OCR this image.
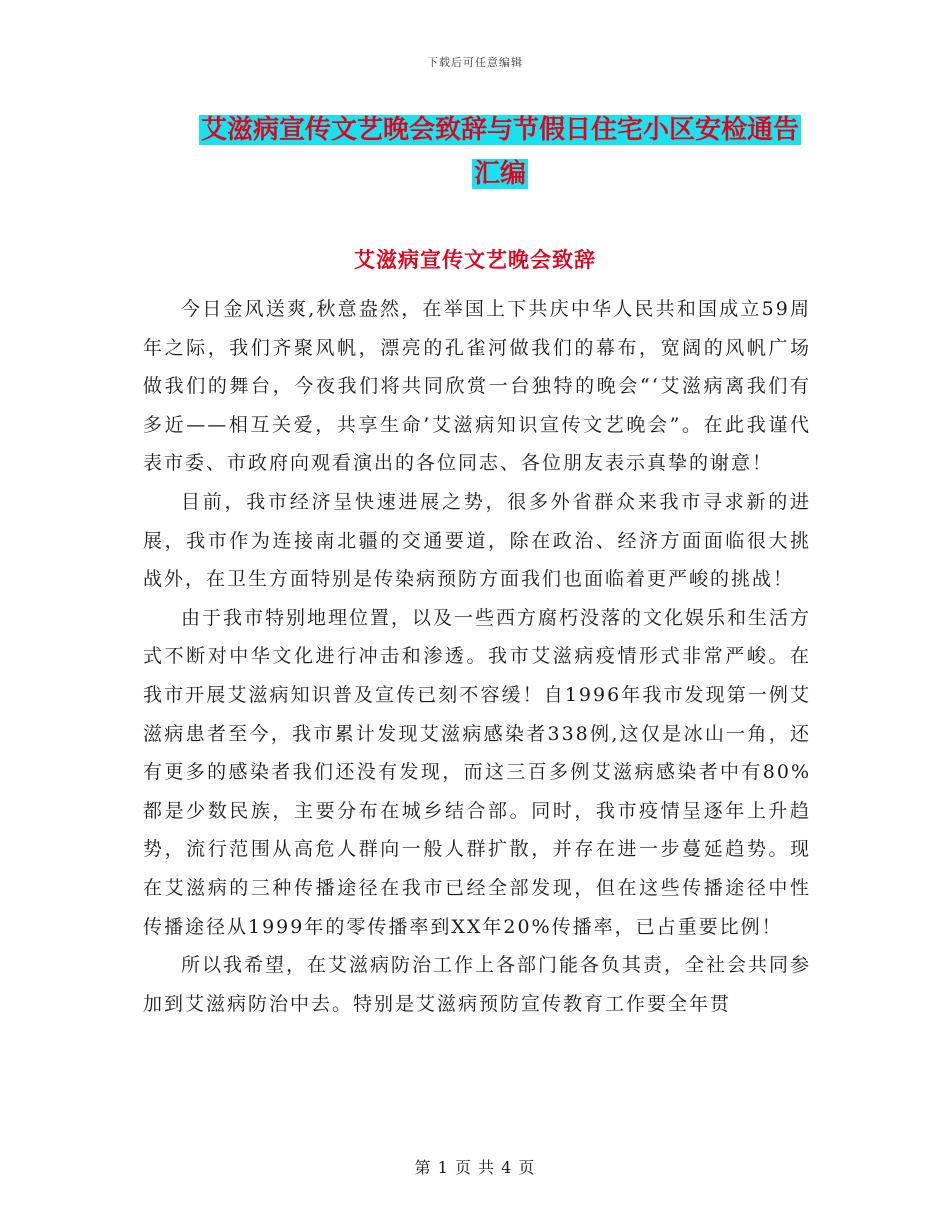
下载后可任意编辑
艾滋病宣传文艺晚会致辞与节假日住宅小区安检通告
汇编
艾滋病宣传文艺晚会致辞

今日金风送爽,秋意盎然，在举国上下共庆中华人民共和国成立59周年之际，我们齐聚风帆，漂亮的孔雀河做我们的幕布，宽阔的风帆广场做我们的舞台，今夜我们将共同欣赏一台独特的晚会“‘艾滋病离我们有多近——相互关爱，共享生命’艾滋病知识宣传文艺晚会”。在此我谨代表市委、市政府向观看演出的各位同志、各位朋友表示真挚的谢意！

目前，我市经济呈快速进展之势，很多外省群众来我市寻求新的进展，我市作为连接南北疆的交通要道，除在政治、经济方面面临很大挑战外，在卫生方面特别是传染病预防方面我们也面临着更严峻的挑战！

由于我市特别地理位置，以及一些西方腐朽没落的文化娱乐和生活方式不断对中华文化进行冲击和渗透。我市艾滋病疫情形式非常严峻。在我市开展艾滋病知识普及宣传已刻不容缓！自1996年我市发现第一例艾滋病患者至今，我市累计发现艾滋病感染者338例,这仅是冰山一角，还有更多的感染者我们还没有发现，而这三百多例艾滋病感染者中有80%都是少数民族，主要分布在城乡结合部。同时，我市疫情呈逐年上升趋势，流行范围从高危人群向一般人群扩散，并存在进一步蔓延趋势。现在艾滋病的三种传播途径在我市已经全部发现，但在这些传播途径中性传播途径从1999年的零传播率到XX年20%传播率，已占重要比例！

所以我希望，在艾滋病防治工作上各部门能各负其责，全社会共同参加到艾滋病防治中去。特别是艾滋病预防宣传教育工作要全年贯

第 1 页 共 4 页
